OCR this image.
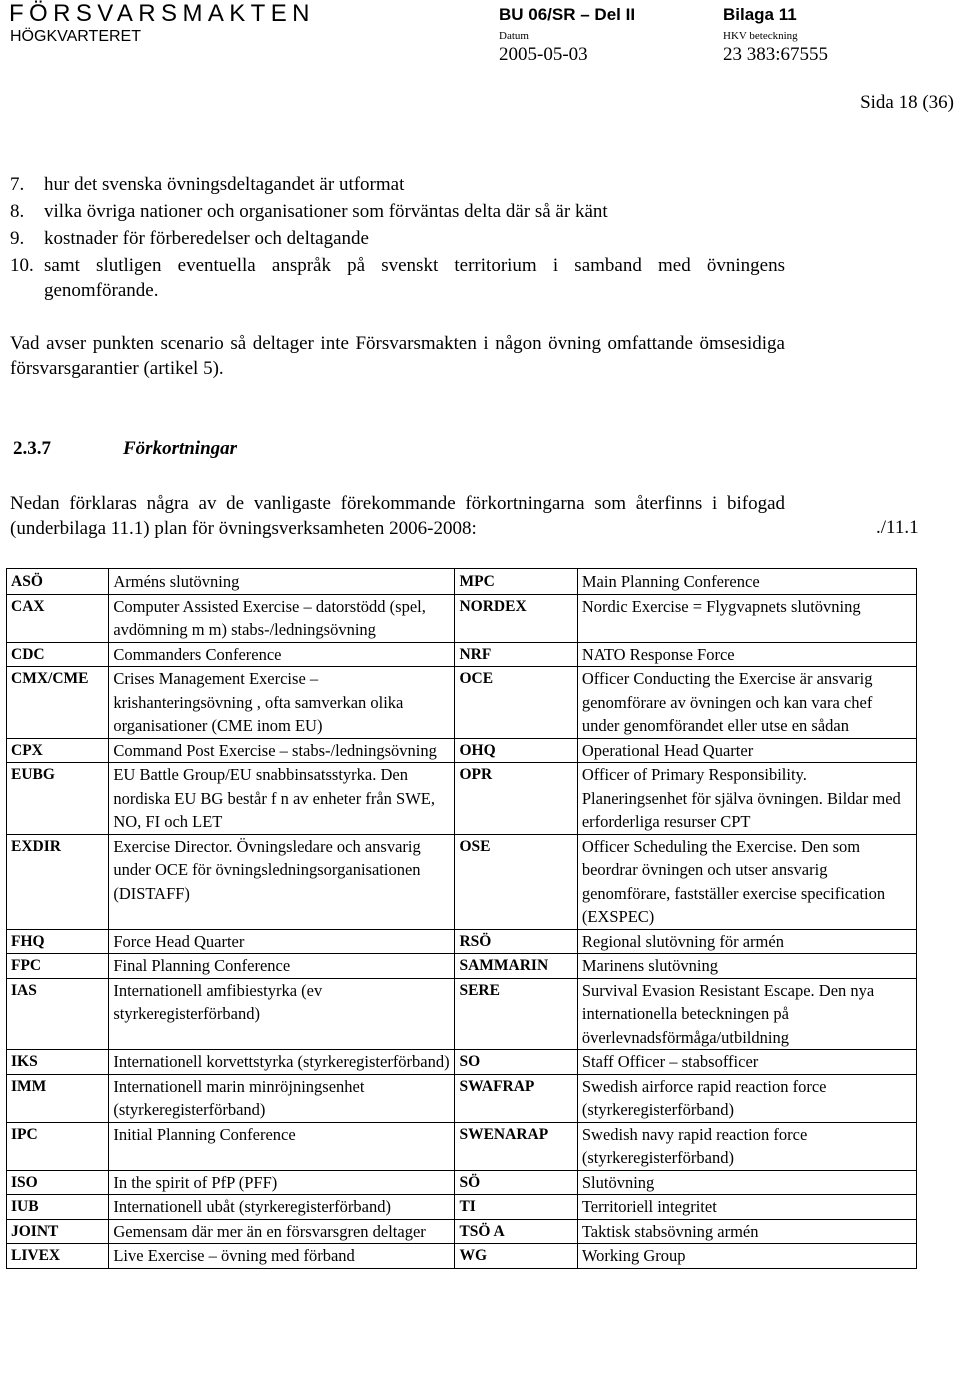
FÖRSVARSMAKTEN
HÖGKVARTERET
BU 06/SR – Del II	Bilaga 11
Datum
2005-05-03
HKV beteckning
23 383:67555
Sida 18 (36)
7.	hur det svenska övningsdeltagandet är utformat
8.	vilka övriga nationer och organisationer som förväntas delta där så är känt
9.	kostnader för förberedelser och deltagande
10. samt slutligen eventuella anspråk på svenskt territorium i samband med övningens genomförande.
Vad avser punkten scenario så deltager inte Försvarsmakten i någon övning omfattande ömsesidiga försvarsgarantier (artikel 5).
2.3.7	Förkortningar
Nedan förklaras några av de vanligaste förekommande förkortningarna som återfinns i bifogad (underbilaga 11.1) plan för övningsverksamheten 2006-2008:	./11.1
ASÖ	Arméns slutövning	MPC	Main Planning Conference
CAX	Computer Assisted Exercise – datorstödd (spel, avdömning m m) stabs-/ledningsövning	NORDEX	Nordic Exercise = Flygvapnets slutövning
CDC	Commanders Conference	NRF	NATO Response Force
CMX/CME	Crises Management Exercise – krishanteringsövning , ofta samverkan olika organisationer (CME inom EU)	OCE	Officer Conducting the Exercise är ansvarig genomförare av övningen och kan vara chef under genomförandet eller utse en sådan
CPX	Command Post Exercise – stabs-/ledningsövning	OHQ	Operational Head Quarter
EUBG	EU Battle Group/EU snabbinsatsstyrka. Den nordiska EU BG består f n av enheter från SWE, NO, FI och LET	OPR	Officer of Primary Responsibility. Planeringsenhet för själva övningen. Bildar med erforderliga resurser CPT
EXDIR	Exercise Director. Övningsledare och ansvarig under OCE för övningsledningsorganisationen (DISTAFF)	OSE	Officer Scheduling the Exercise. Den som beordrar övningen och utser ansvarig genomförare, fastställer exercise specification (EXSPEC)
FHQ	Force Head Quarter	RSÖ	Regional slutövning för armén
FPC	Final Planning Conference	SAMMARIN	Marinens slutövning
IAS	Internationell amfibiestyrka (ev styrkeregisterförband)	SERE	Survival Evasion Resistant Escape. Den nya internationella beteckningen på överlevnadsförmåga/utbildning
IKS	Internationell korvettstyrka (styrkeregisterförband)	SO	Staff Officer – stabsofficer
IMM	Internationell marin minröjningsenhet (styrkeregisterförband)	SWAFRAP	Swedish airforce rapid reaction force (styrkeregisterförband)
IPC	Initial Planning Conference	SWENARAP	Swedish navy rapid reaction force (styrkeregisterförband)
ISO	In the spirit of PfP (PFF)	SÖ	Slutövning
IUB	Internationell ubåt (styrkeregisterförband)	TI	Territoriell integritet
JOINT	Gemensam där mer än en försvarsgren deltager	TSÖ A	Taktisk stabsövning armén
LIVEX	Live Exercise – övning med förband	WG	Working Group
